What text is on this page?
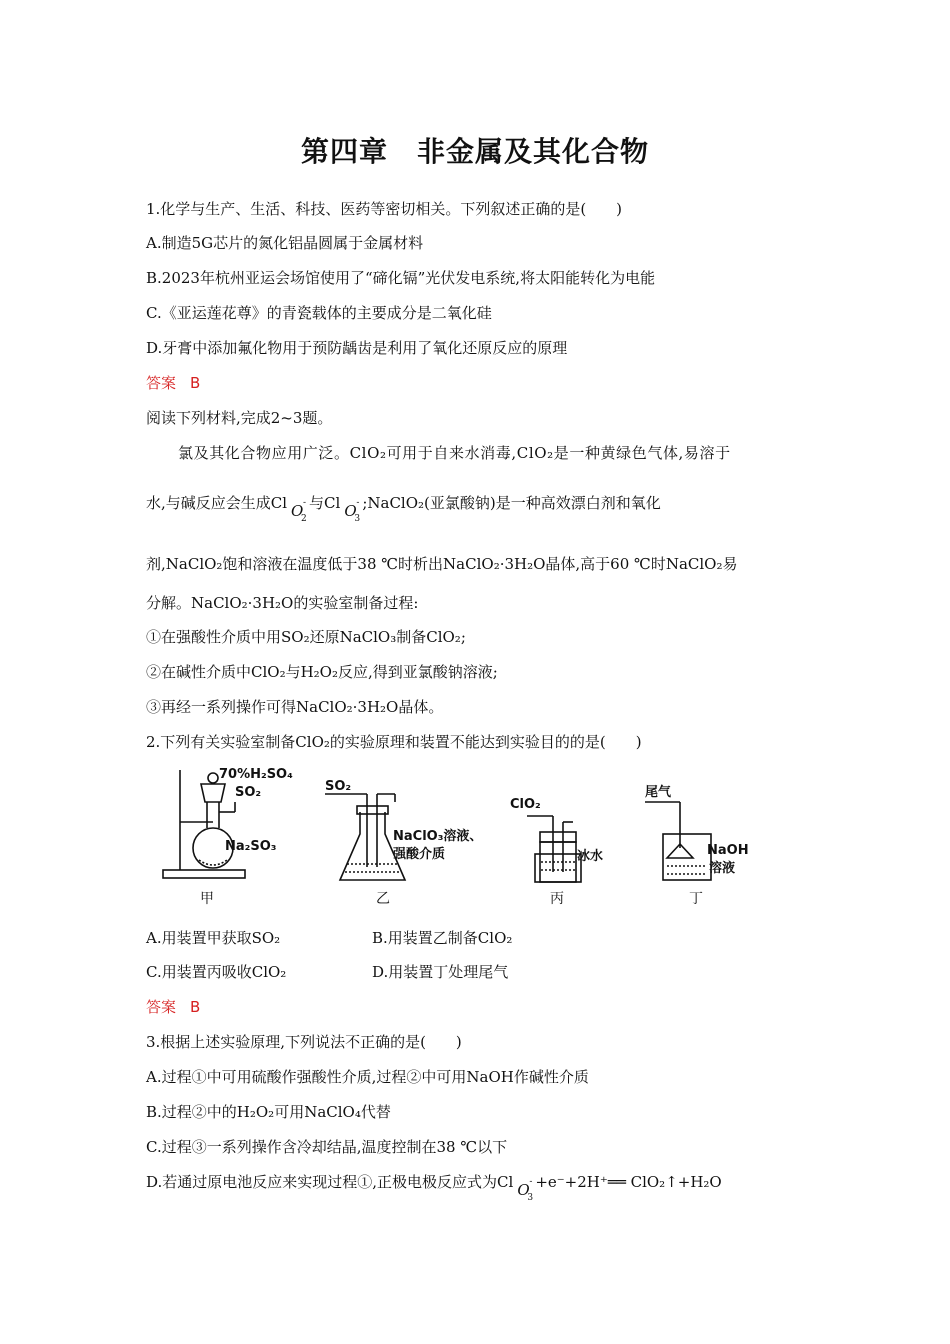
第四章　非金属及其化合物
1.化学与生产、生活、科技、医药等密切相关。下列叙述正确的是(　　)
A.制造5G芯片的氮化铝晶圆属于金属材料
B.2023年杭州亚运会场馆使用了“碲化镉”光伏发电系统,将太阳能转化为电能
C.《亚运莲花尊》的青瓷载体的主要成分是二氧化硅
D.牙膏中添加氟化物用于预防龋齿是利用了氧化还原反应的原理
答案 B
阅读下列材料,完成2~3题。
氯及其化合物应用广泛。ClO₂可用于自来水消毒,ClO₂是一种黄绿色气体,易溶于
水,与碱反应会生成Cl O
2
- 与Cl O
3
- ;NaClO₂(亚氯酸钠)是一种高效漂白剂和氧化
剂,NaClO₂饱和溶液在温度低于38 ℃时析出NaClO₂·3H₂O晶体,高于60 ℃时NaClO₂易
分解。NaClO₂·3H₂O的实验室制备过程:
①在强酸性介质中用SO₂还原NaClO₃制备ClO₂;
②在碱性介质中ClO₂与H₂O₂反应,得到亚氯酸钠溶液;
③再经一系列操作可得NaClO₂·3H₂O晶体。
2.下列有关实验室制备ClO₂的实验原理和装置不能达到实验目的的是(　　)
70%H₂SO₄
SO₂
Na₂SO₃
SO₂
NaClO₃溶液、
强酸介质
ClO₂
冰水
尾气
NaOH
溶液
甲	乙	丙	丁
A.用装置甲获取SO₂	B.用装置乙制备ClO₂
C.用装置丙吸收ClO₂	D.用装置丁处理尾气
答案 B
3.根据上述实验原理,下列说法不正确的是(　　)
A.过程①中可用硫酸作强酸性介质,过程②中可用NaOH作碱性介质
B.过程②中的H₂O₂可用NaClO₄代替
C.过程③一系列操作含冷却结晶,温度控制在38 ℃以下
D.若通过原电池反应来实现过程①,正极电极反应式为Cl O
3
- +e⁻+2H⁺══ ClO₂↑+H₂O
